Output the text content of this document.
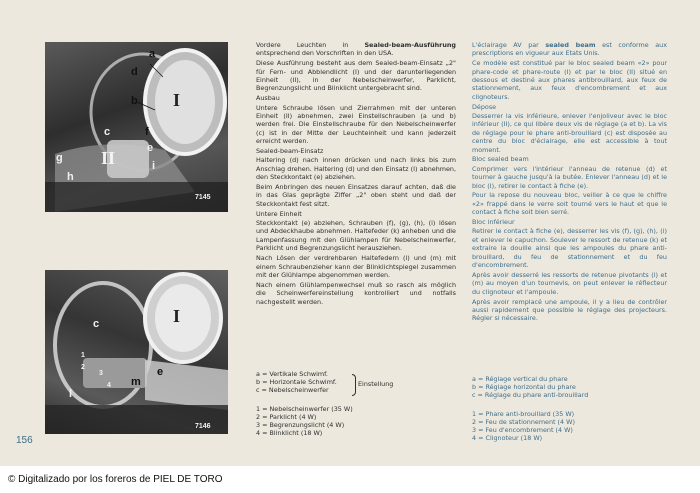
a
b
c
d
e
f
g
h
i
I
II
7145
c
e
l
m
1
2
3
4
I
7146

Vordere Leuchten in Sealed-beam-Ausführung entsprechend den Vorschriften in den USA.

Diese Ausführung besteht aus dem Sealed-beam-Einsatz „2" für Fern- und Abblendlicht (I) und der darunterliegenden Einheit (II), in der Nebelscheinwerfer, Parklicht, Begrenzungslicht und Blinklicht untergebracht sind.

Ausbau

Untere Schraube lösen und Zierrahmen mit der unteren Einheit (II) abnehmen, zwei Einstellschrauben (a und b) werden frei. Die Einstellschraube für den Nebelscheinwerfer (c) ist in der Mitte der Leuchteinheit und kann jederzeit erreicht werden.

Sealed-beam-Einsatz

Haltering (d) nach innen drücken und nach links bis zum Anschlag drehen. Haltering (d) und den Einsatz (I) abnehmen, den Steckkontakt (e) abziehen.

Beim Anbringen des neuen Einsatzes darauf achten, daß die in das Glas geprägte Ziffer „2" oben steht und daß der Steckkontakt fest sitzt.

Untere Einheit

Steckkontakt (e) abziehen, Schrauben (f), (g), (h), (i) lösen und Abdeckhaube abnehmen. Haltefeder (k) anheben und die Lampenfassung mit den Glühlampen für Nebelscheinwerfer, Parklicht und Begrenzungslicht herausziehen.

Nach Lösen der verdrehbaren Haltefedern (l) und (m) mit einem Schraubenzieher kann der Blinklichtspiegel zusammen mit der Glühlampe abgenommen werden.

Nach einem Glühlampenwechsel muß so rasch als möglich die Scheinwerfereinstellung kontrolliert und notfalls nachgestellt werden.

L'éclairage AV par sealed beam est conforme aux prescriptions en vigueur aux Etats Unis.

Ce modèle est constitué par le bloc sealed beam «2» pour phare-code et phare-route (I) et par le bloc (II) situé en dessous et destiné aux phares antibrouillard, aux feux de stationnement, aux feux d'encombrement et aux clignoteurs.

Dépose

Desserrer la vis inférieure, enlever l'enjoliveur avec le bloc inférieur (II), ce qui libère deux vis de réglage (a et b). La vis de réglage pour le phare anti-brouillard (c) est disposée au centre du bloc d'éclairage, elle est accessible à tout moment.

Bloc sealed beam

Comprimer vers l'intérieur l'anneau de retenue (d) et tourner à gauche jusqu'à la butée. Enlever l'anneau (d) et le bloc (I), retirer le contact à fiche (e).

Pour la repose du nouveau bloc, veiller à ce que le chiffre «2» frappé dans le verre soit tourné vers le haut et que le contact à fiche soit bien serré.

Bloc inférieur

Retirer le contact à fiche (e), desserrer les vis (f), (g), (h), (i) et enlever le capuchon. Soulever le ressort de retenue (k) et extraire la douille ainsi que les ampoules du phare anti-brouillard, du feu de stationnement et du feu d'encombrement.

Après avoir desserré les ressorts de retenue pivotants (l) et (m) au moyen d'un tournevis, on peut enlever le réflecteur du clignoteur et l'ampoule.

Après avoir remplacé une ampoule, il y a lieu de contrôler aussi rapidement que possible le réglage des projecteurs. Régler si nécessaire.

a = Vertikale Schwimf.
b = Horizontale Schwimf.
c = Nebelscheinwerfer
Einstellung
1 = Nebelscheinwerfer (35 W)
2 = Parklicht (4 W)
3 = Begrenzungslicht (4 W)
4 = Blinklicht (18 W)
a = Réglage vertical du phare
b = Réglage horizontal du phare
c = Réglage du phare anti-brouillard
1 = Phare anti-brouillard (35 W)
2 = Feu de stationnement (4 W)
3 = Feu d'encombrement (4 W)
4 = Clignoteur (18 W)
156
© Digitalizado por los foreros de PIEL DE TORO
